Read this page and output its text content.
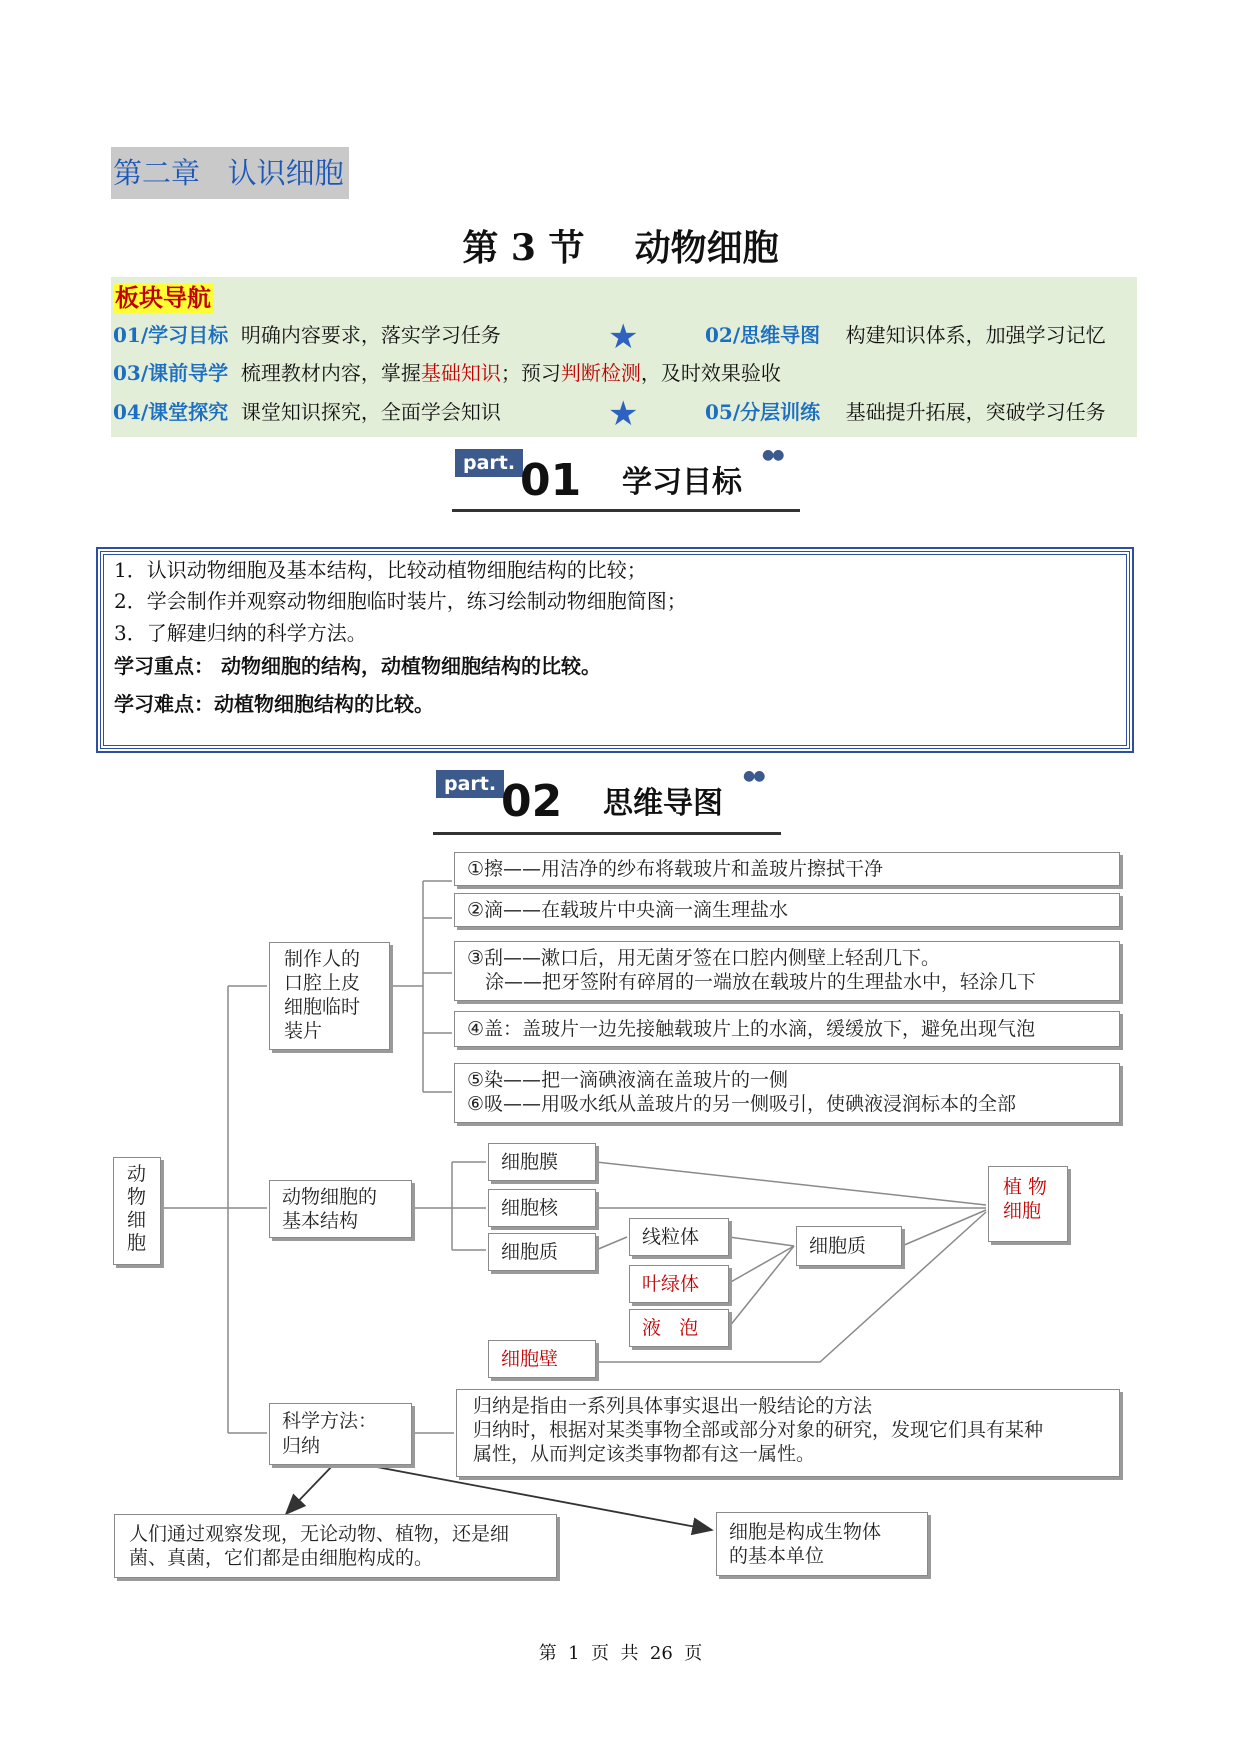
第二章   认识细胞
第 3 节    动物细胞
板块导航
01/学习目标 明确内容要求，落实学习任务	★	02/思维导图 构建知识体系，加强学习记忆
03/课前导学 梳理教材内容，掌握基础知识；预习判断检测，及时效果验收
04/课堂探究 课堂知识探究，全面学会知识	★	05/分层训练 基础提升拓展，突破学习任务
part. 01 学习目标
●●
1．认识动物细胞及基本结构，比较动植物细胞结构的比较；
2．学会制作并观察动物细胞临时装片，练习绘制动物细胞简图；
3．了解建归纳的科学方法。
学习重点： 动物细胞的结构，动植物细胞结构的比较。
学习难点：动植物细胞结构的比较。
part. 02 思维导图
●●
动
物
细
胞
制作人的
口腔上皮
细胞临时
装片
①擦——用洁净的纱布将载玻片和盖玻片擦拭干净
②滴——在载玻片中央滴一滴生理盐水
③刮——漱口后，用无菌牙签在口腔内侧壁上轻刮几下。
涂——把牙签附有碎屑的一端放在载玻片的生理盐水中，轻涂几下
④盖：盖玻片一边先接触载玻片上的水滴，缓缓放下，避免出现气泡
⑤染——把一滴碘液滴在盖玻片的一侧
⑥吸——用吸水纸从盖玻片的另一侧吸引，使碘液浸润标本的全部
动物细胞的
基本结构
细胞膜
细胞核
细胞质
细胞壁
线粒体
叶绿体
液   泡
细胞质
植 物
细胞
科学方法：
归纳
归纳是指由一系列具体事实退出一般结论的方法
归纳时，根据对某类事物全部或部分对象的研究，发现它们具有某种
属性，从而判定该类事物都有这一属性。
人们通过观察发现，无论动物、植物，还是细
菌、真菌，它们都是由细胞构成的。
细胞是构成生物体
的基本单位
第  1  页  共  26  页
